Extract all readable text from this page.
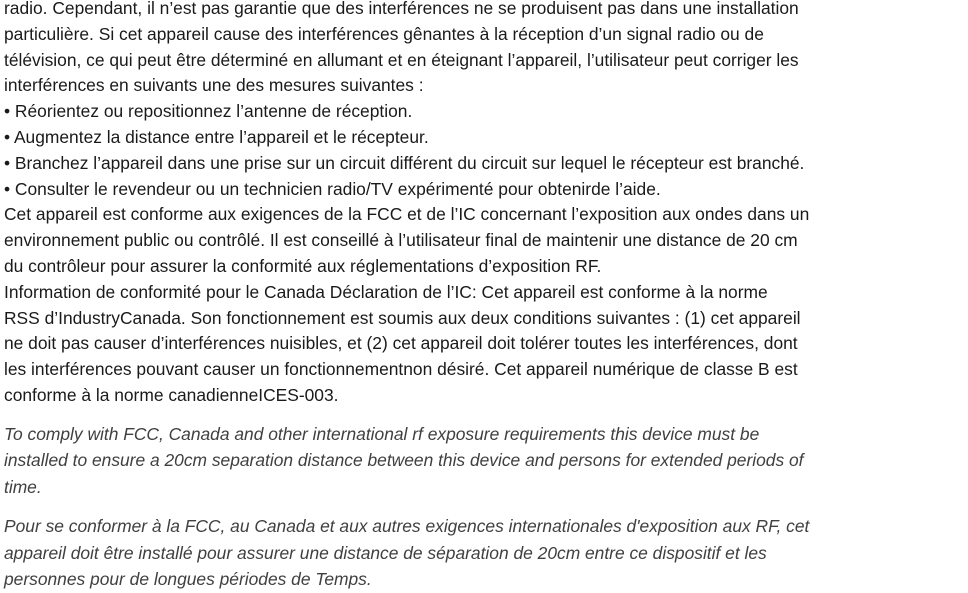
radio. Cependant, il n’est pas garantie que des interférences ne se produisent pas dans une installation
particulière. Si cet appareil cause des interférences gênantes à la réception d’un signal radio ou de
télévision, ce qui peut être déterminé en allumant et en éteignant l’appareil, l’utilisateur peut corriger les
interférences en suivants une des mesures suivantes :
• Réorientez ou repositionnez l’antenne de réception.
• Augmentez la distance entre l’appareil et le récepteur.
• Branchez l’appareil dans une prise sur un circuit différent du circuit sur lequel le récepteur est branché.
• Consulter le revendeur ou un technicien radio/TV expérimenté pour obtenirde l’aide.
Cet appareil est conforme aux exigences de la FCC et de l’IC concernant l’exposition aux ondes dans un
environnement public ou contrôlé. Il est conseillé à l’utilisateur final de maintenir une distance de 20 cm
du contrôleur pour assurer la conformité aux réglementations d’exposition RF.
Information de conformité pour le Canada Déclaration de l’IC: Cet appareil est conforme à la norme
RSS d’IndustryCanada. Son fonctionnement est soumis aux deux conditions suivantes : (1) cet appareil
ne doit pas causer d’interférences nuisibles, et (2) cet appareil doit tolérer toutes les interférences, dont
les interférences pouvant causer un fonctionnementnon désiré. Cet appareil numérique de classe B est
conforme à la norme canadienneICES-003.
To comply with FCC, Canada and other international rf exposure requirements this device must be
installed to ensure a 20cm separation distance between this device and persons for extended periods of
time.
Pour se conformer à la FCC, au Canada et aux autres exigences internationales d'exposition aux RF, cet
appareil doit être installé pour assurer une distance de séparation de 20cm entre ce dispositif et les
personnes pour de longues périodes de Temps.
